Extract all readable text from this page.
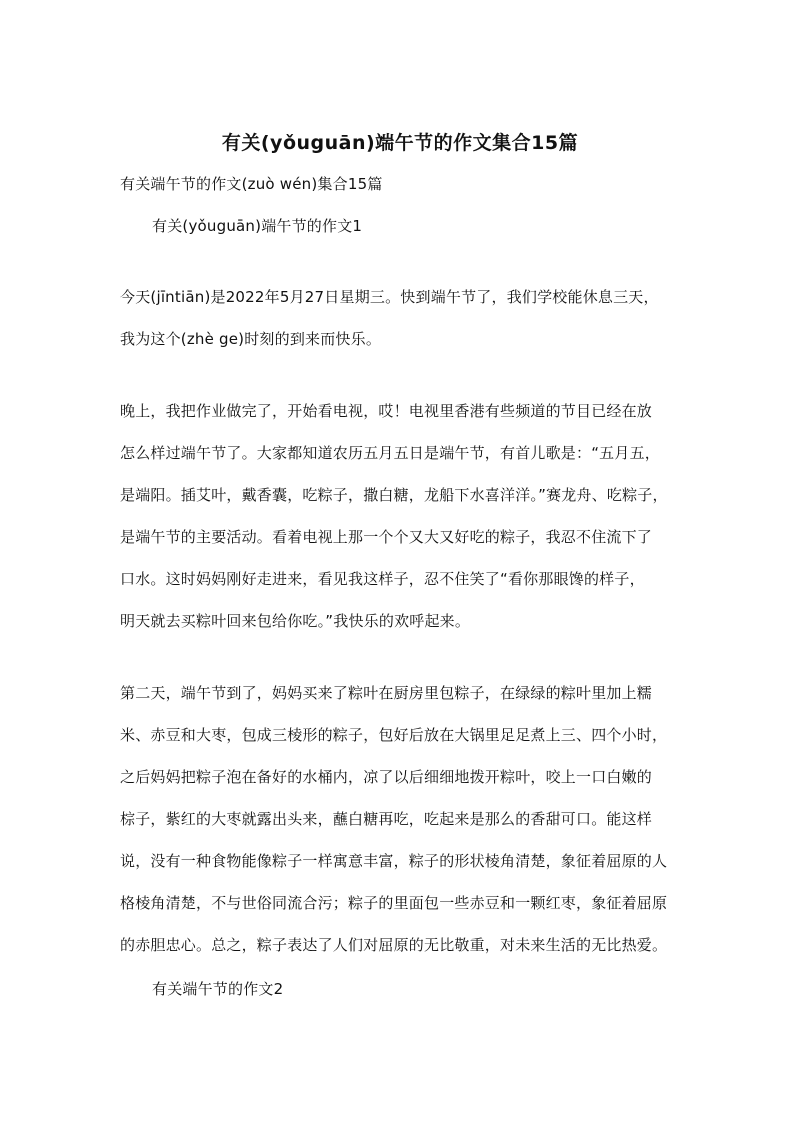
有关(yǒuguān)端午节的作文集合15篇
有关端午节的作文(zuò wén)集合15篇
有关(yǒuguān)端午节的作文1
今天(jīntiān)是2022年5月27日星期三。快到端午节了，我们学校能休息三天，
我为这个(zhè ge)时刻的到来而快乐。
晚上，我把作业做完了，开始看电视，哎！电视里香港有些频道的节目已经在放
怎么样过端午节了。大家都知道农历五月五日是端午节，有首儿歌是：“五月五，
是端阳。插艾叶，戴香囊，吃粽子，撒白糖，龙船下水喜洋洋。”赛龙舟、吃粽子，
是端午节的主要活动。看着电视上那一个个又大又好吃的粽子，我忍不住流下了
口水。这时妈妈刚好走进来，看见我这样子，忍不住笑了“看你那眼馋的样子，
明天就去买粽叶回来包给你吃。”我快乐的欢呼起来。
第二天，端午节到了，妈妈买来了粽叶在厨房里包粽子，在绿绿的粽叶里加上糯
米、赤豆和大枣，包成三棱形的粽子，包好后放在大锅里足足煮上三、四个小时，
之后妈妈把粽子泡在备好的水桶内，凉了以后细细地拨开粽叶，咬上一口白嫩的
棕子，紫红的大枣就露出头来，蘸白糖再吃，吃起来是那么的香甜可口。能这样
说，没有一种食物能像粽子一样寓意丰富，粽子的形状棱角清楚，象征着屈原的人
格棱角清楚，不与世俗同流合污；粽子的里面包一些赤豆和一颗红枣，象征着屈原
的赤胆忠心。总之，粽子表达了人们对屈原的无比敬重，对未来生活的无比热爱。
有关端午节的作文2
